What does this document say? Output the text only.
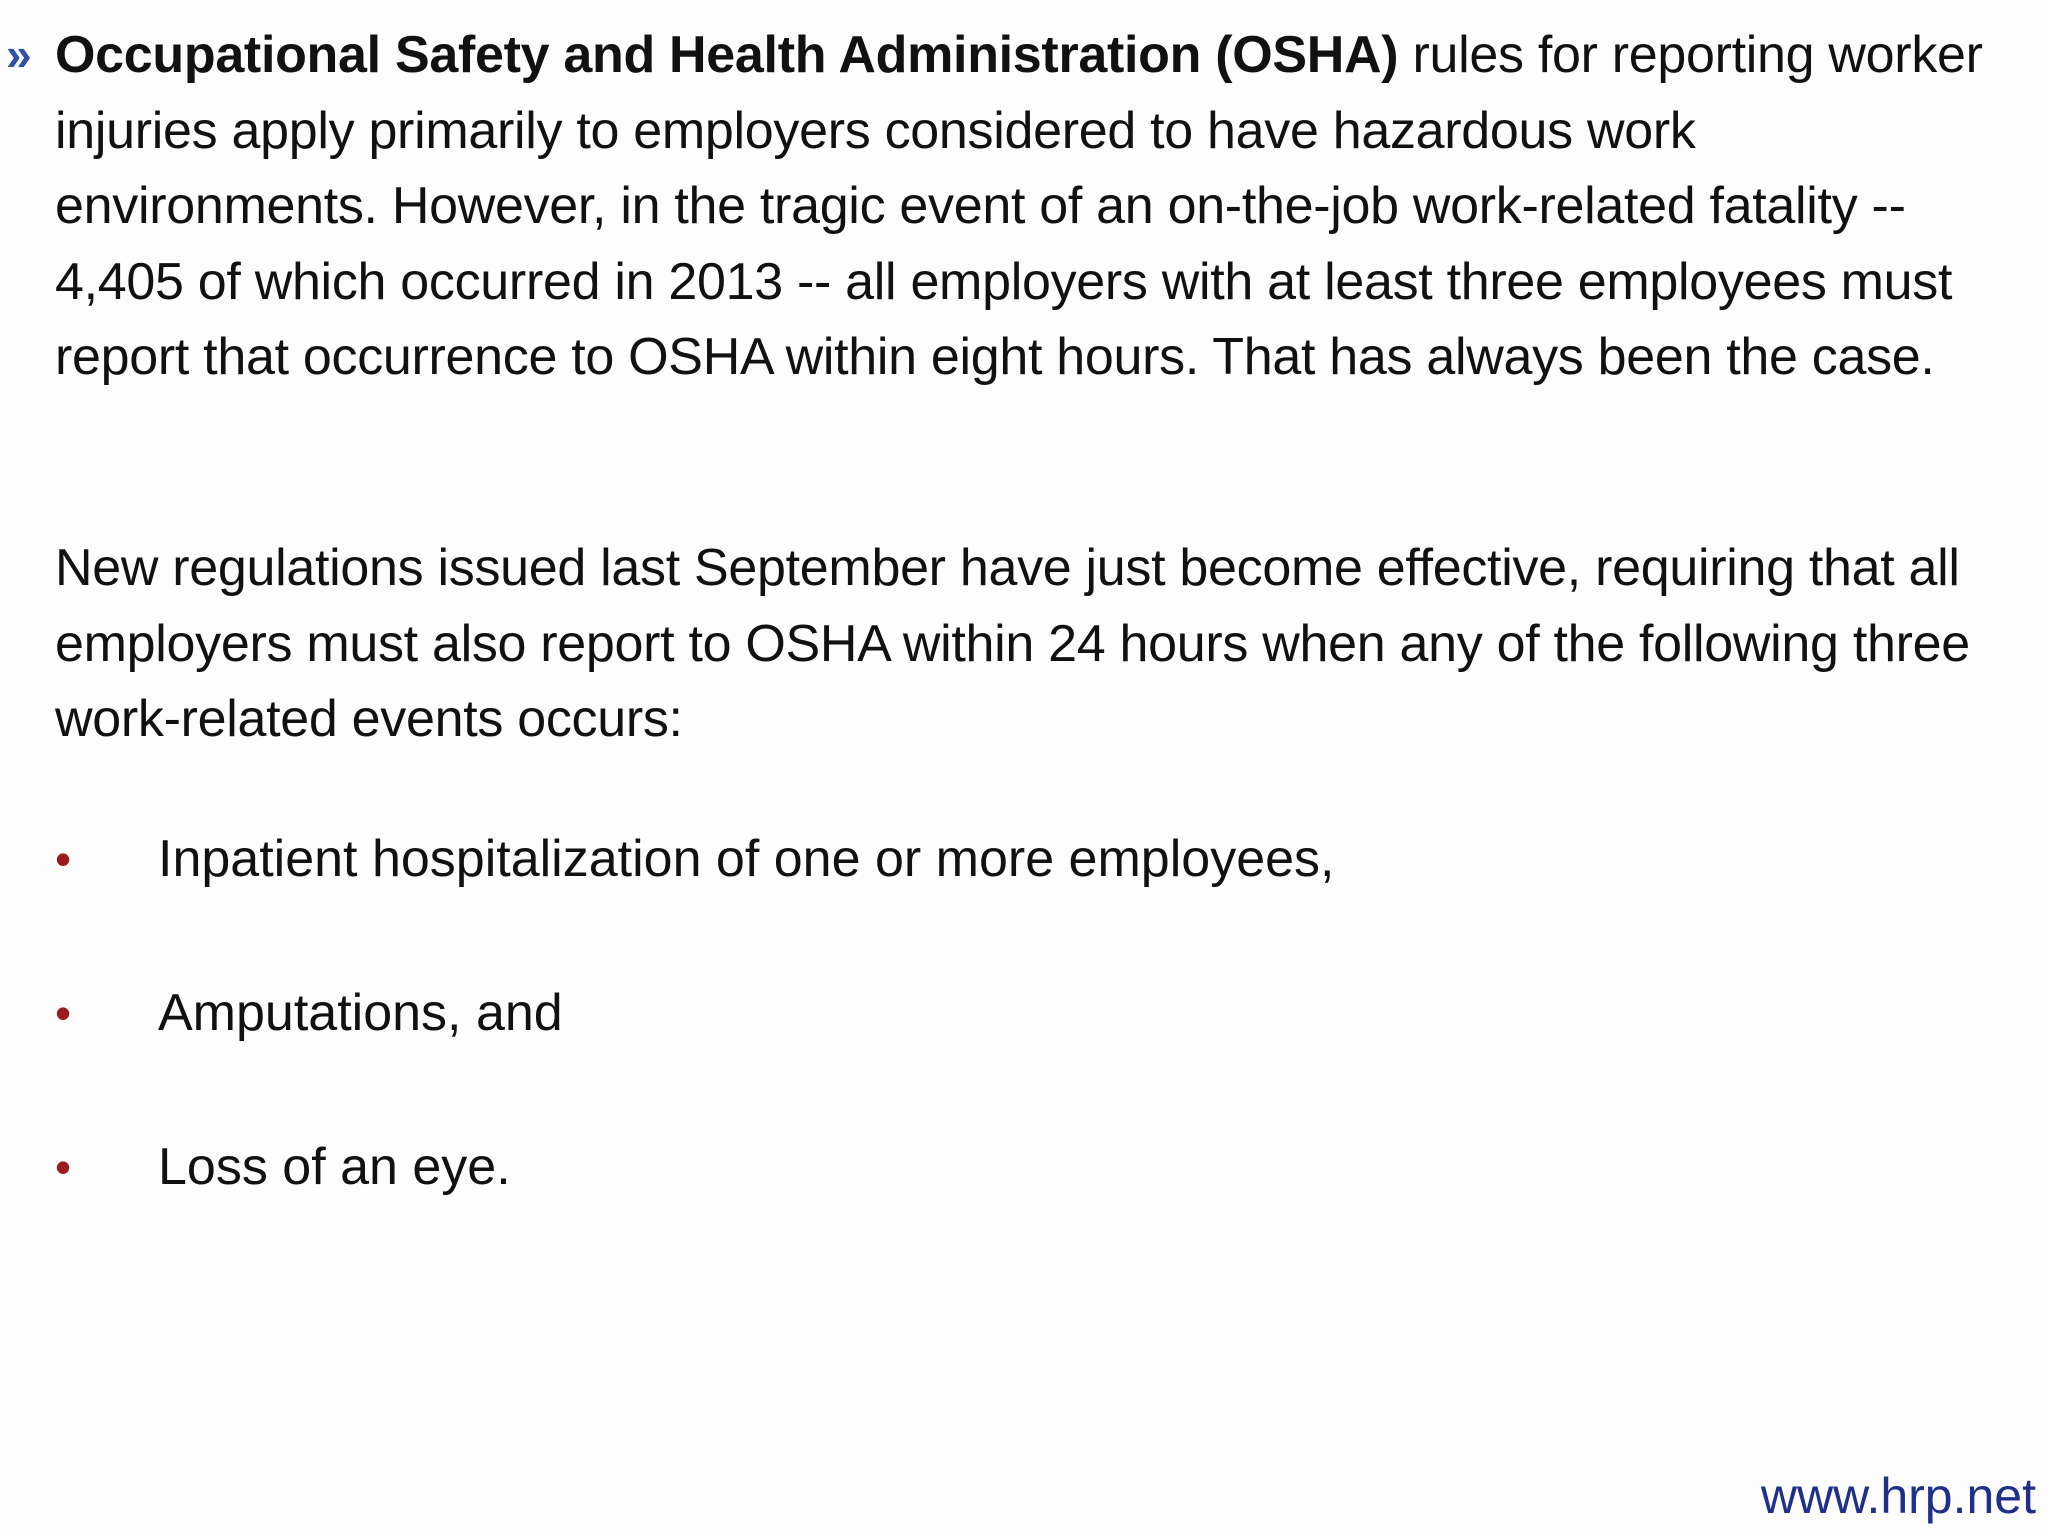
» Occupational Safety and Health Administration (OSHA) rules for reporting worker injuries apply primarily to employers considered to have hazardous work environments. However, in the tragic event of an on-the-job work-related fatality -- 4,405 of which occurred in 2013 -- all employers with at least three employees must report that occurrence to OSHA within eight hours. That has always been the case.

New regulations issued last September have just become effective, requiring that all employers must also report to OSHA within 24 hours when any of the following three work-related events occurs:

• Inpatient hospitalization of one or more employees,
• Amputations, and
• Loss of an eye.
www.hrp.net
